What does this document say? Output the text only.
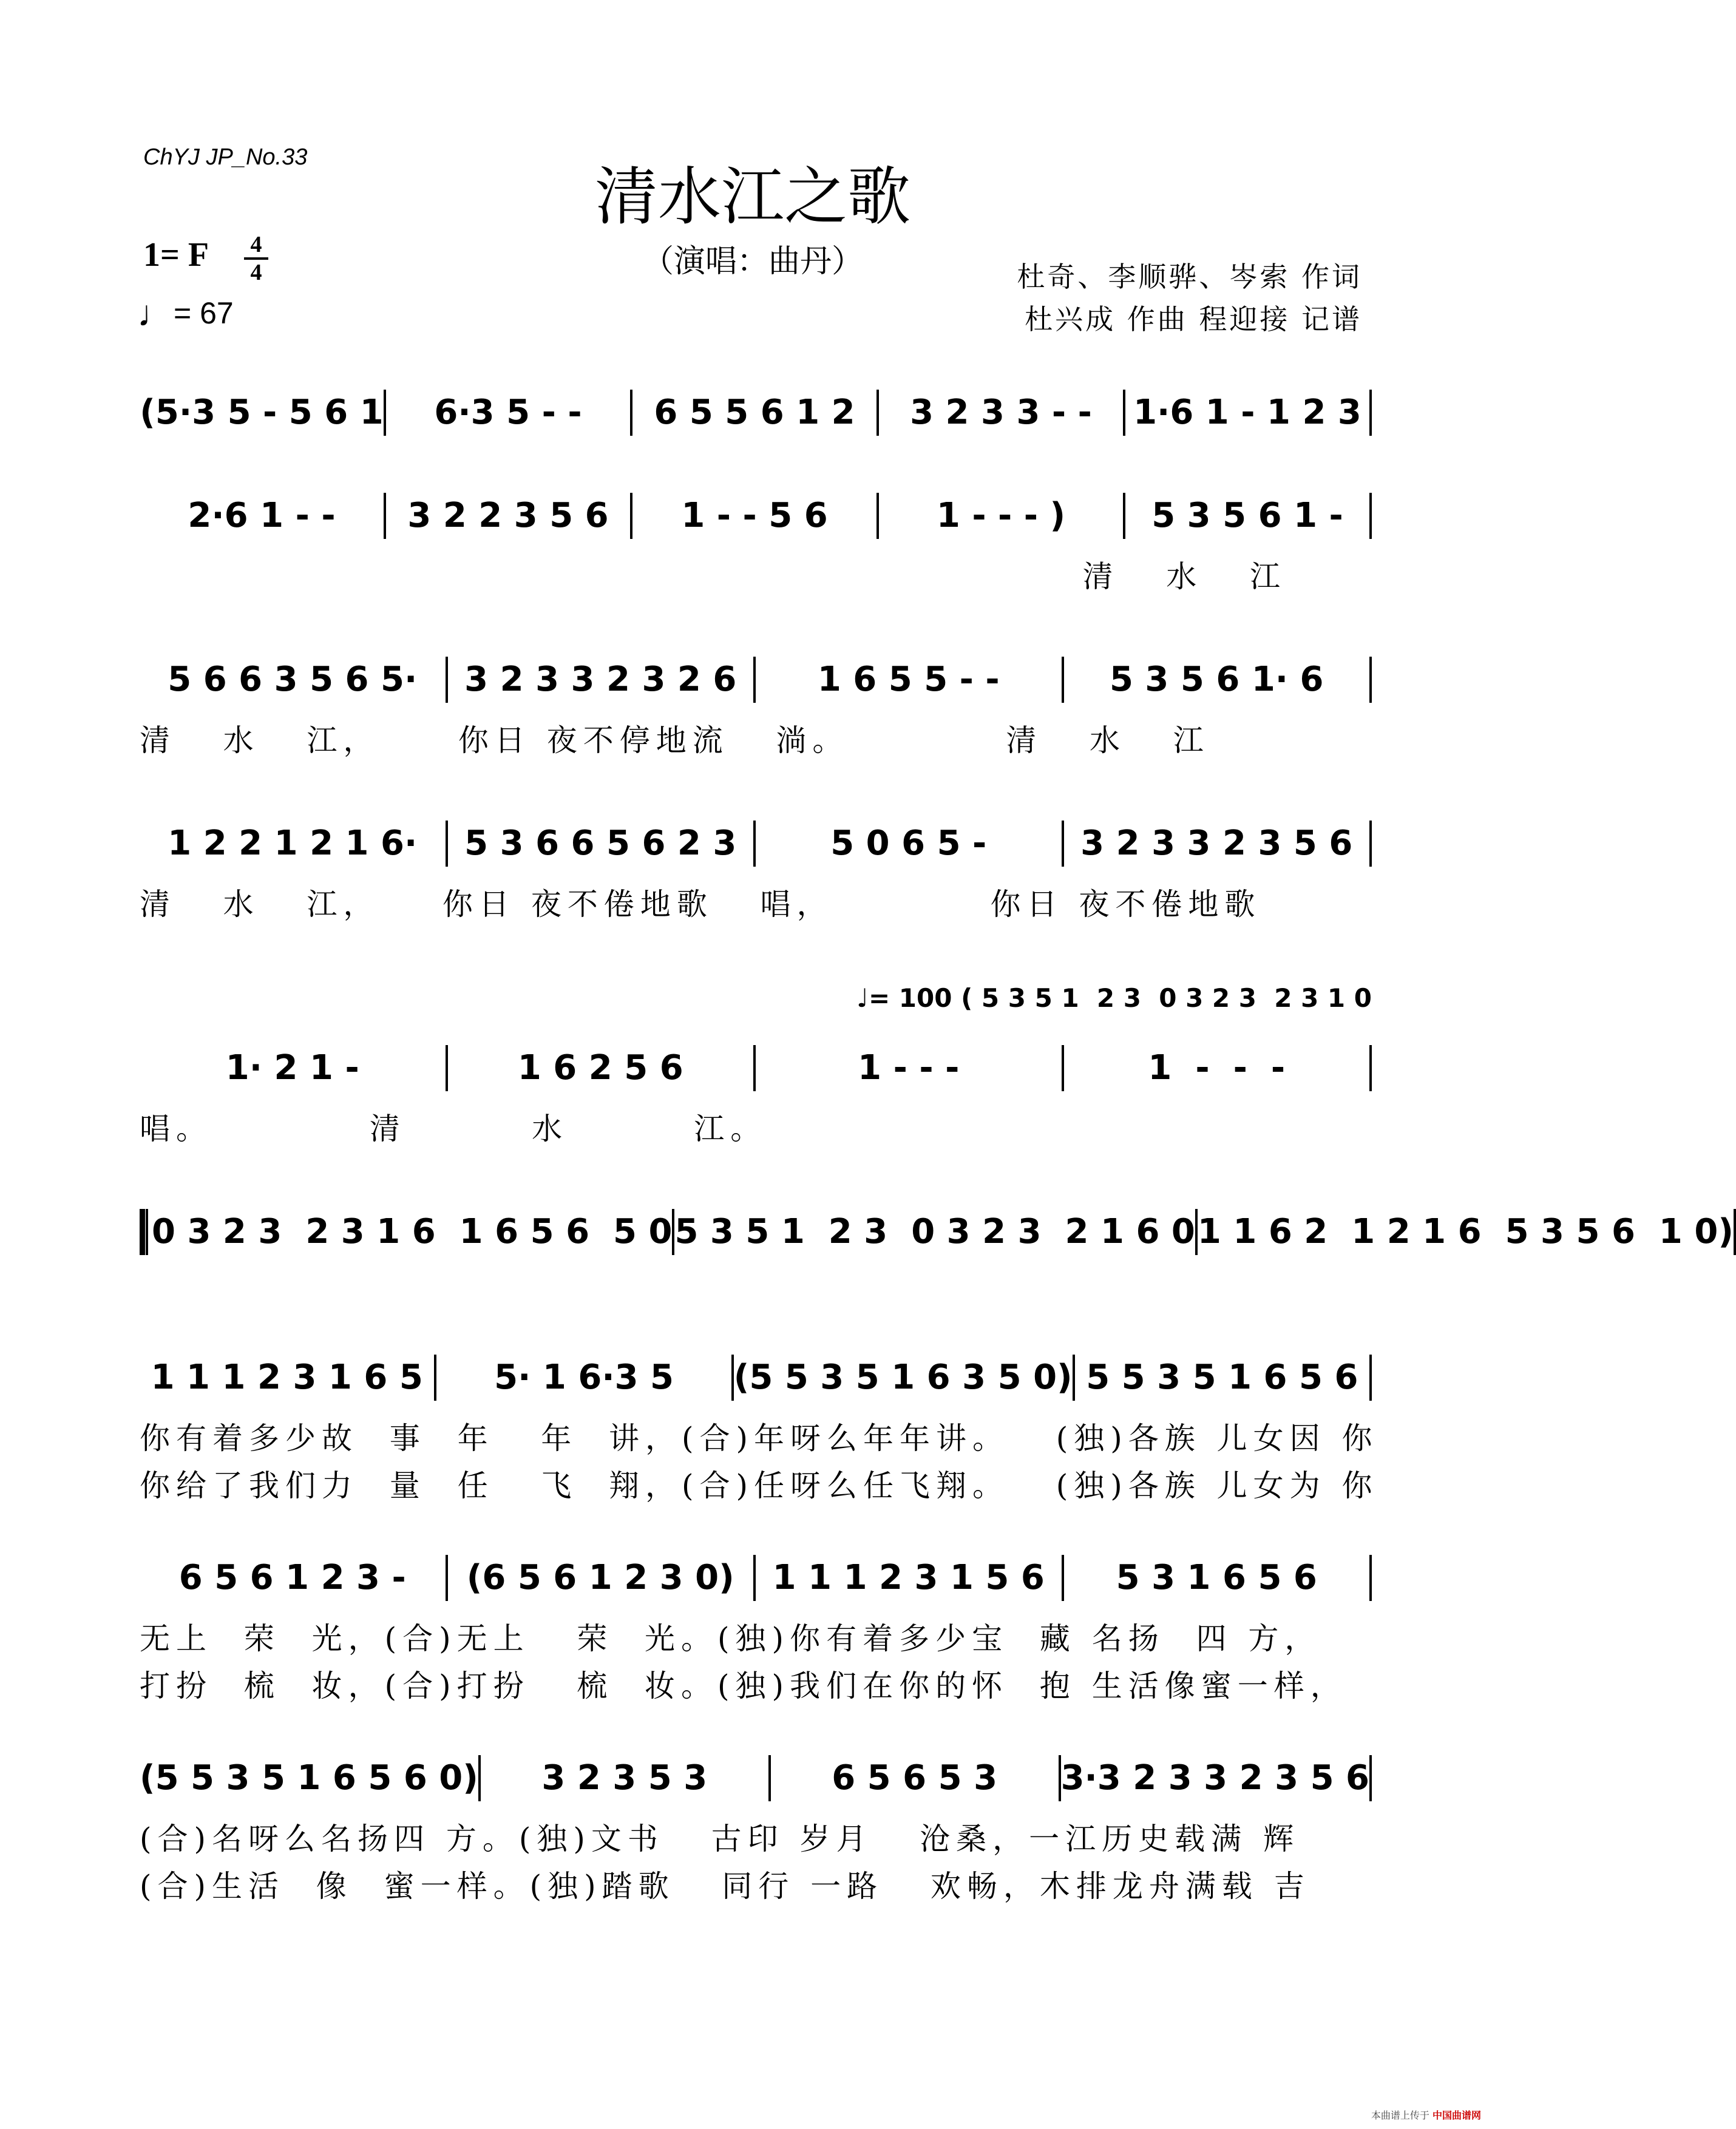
ChYJ JP_No.33
清水江之歌
（演唱：曲丹）
1= F	4
4
♩= 67
杜奇、李顺骅、岑索 作词
杜兴成 作曲 程迎接 记谱
(5·3 5 - 5 6 1	6·3 5 - -	6 5 5 6 1 2	3 2 3 3 - -	1·6 1 - 1 2 3
2·6 1 - -	3 2 2 3 5 6	1 - - 5 6	1 - - - )	5 3 5 6 1 -
清   水   江
5 6 6 3 5 6 5·	3 2 3 3 2 3 2 6	1 6 5 5 - -	5 3 5 6 1· 6
清   水   江，     你日 夜不停地流   淌。          清   水   江
1 2 2 1 2 1 6·	5 3 6 6 5 6 2 3	5 0 6 5 -	3 2 3 3 2 3 5 6
清   水   江，    你日 夜不倦地歌   唱，          你日 夜不倦地歌
1· 2 1 -	1 6 2 5 6	1 - - -	1  -  -  -
♩= 100 ( 5 3 5 1  2 3  0 3 2 3  2 3 1 0
唱。          清        水        江。
0 3 2 3  2 3 1 6  1 6 5 6  5 0 5 3 5 1  2 3  0 3 2 3  2 1 6 0 1 1 6 2  1 2 1 6  5 3 5 6  1 0)
1 1 1 2 3 1 6 5	5· 1 6·3 5	(5 5 3 5 1 6 3 5 0) 5 5 3 5 1 6 5 6
你有着多少故  事  年   年  讲，(合)年呀么年年讲。   (独)各族 儿女因 你
你给了我们力  量  任   飞  翔，(合)任呀么任飞翔。   (独)各族 儿女为 你
6 5 6 1 2 3 -	(6 5 6 1 2 3 0)	1 1 1 2 3 1 5 6	5 3 1 6 5 6
无上  荣  光，(合)无上   荣  光。(独)你有着多少宝  藏 名扬  四 方，
打扮  梳  妆，(合)打扮   梳  妆。(独)我们在你的怀  抱 生活像蜜一样，
(5 5 3 5 1 6 5 6 0)	3 2 3 5 3	6 5 6 5 3	3·3 2 3 3 2 3 5 6
(合)名呀么名扬四 方。(独)文书   古印 岁月   沧桑，一江历史载满 辉
(合)生活  像  蜜一样。(独)踏歌   同行 一路   欢畅，木排龙舟满载 吉
本曲谱上传于 中国曲谱网
